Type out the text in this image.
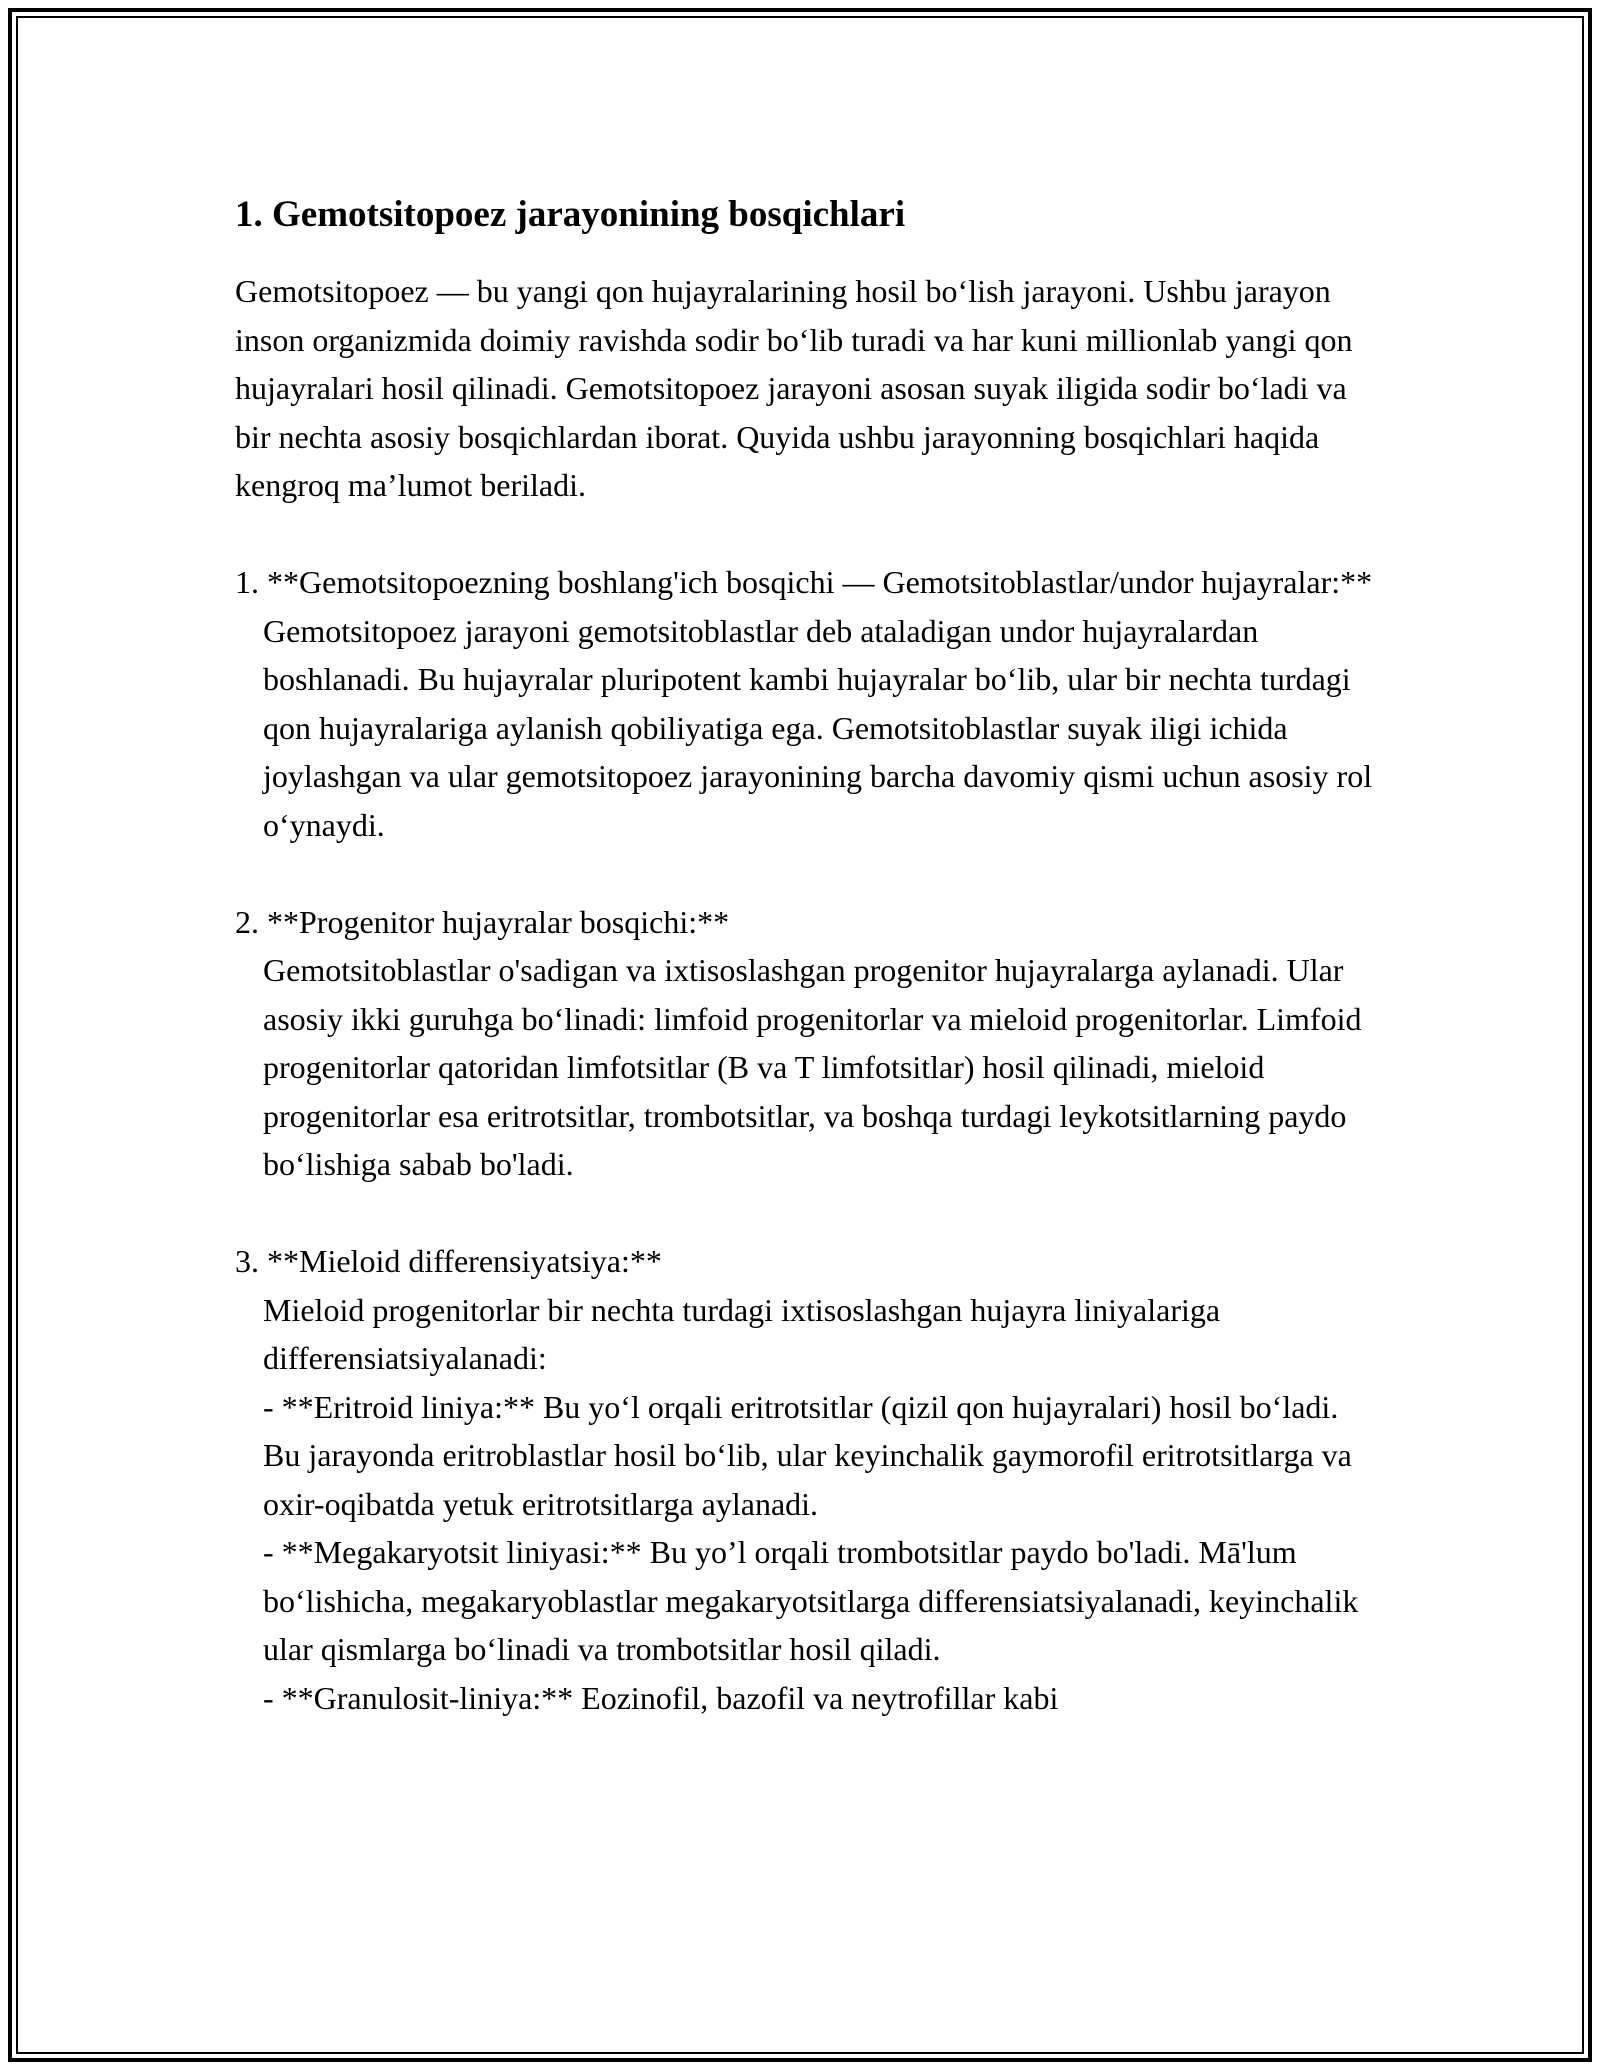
1. Gemotsitopoez jarayonining bosqichlari

Gemotsitopoez — bu yangi qon hujayralarining hosil boʻlish jarayoni. Ushbu jarayon inson organizmida doimiy ravishda sodir boʻlib turadi va har kuni millionlab yangi qon hujayralari hosil qilinadi. Gemotsitopoez jarayoni asosan suyak iligida sodir boʻladi va bir nechta asosiy bosqichlardan iborat. Quyida ushbu jarayonning bosqichlari haqida kengroq maʼlumot beriladi.

1. **Gemotsitopoezning boshlang'ich bosqichi — Gemotsitoblastlar/undor hujayralar:**

Gemotsitopoez jarayoni gemotsitoblastlar deb ataladigan undor hujayralardan boshlanadi. Bu hujayralar pluripotent kambi hujayralar boʻlib, ular bir nechta turdagi qon hujayralariga aylanish qobiliyatiga ega. Gemotsitoblastlar suyak iligi ichida joylashgan va ular gemotsitopoez jarayonining barcha davomiy qismi uchun asosiy rol oʻynaydi.

2. **Progenitor hujayralar bosqichi:**

Gemotsitoblastlar o'sadigan va ixtisoslashgan progenitor hujayralarga aylanadi. Ular asosiy ikki guruhga boʻlinadi: limfoid progenitorlar va mieloid progenitorlar. Limfoid progenitorlar qatoridan limfotsitlar (B va T limfotsitlar) hosil qilinadi, mieloid progenitorlar esa eritrotsitlar, trombotsitlar, va boshqa turdagi leykotsitlarning paydo boʻlishiga sabab bo'ladi.

3. **Mieloid differensiyatsiya:**

Mieloid progenitorlar bir nechta turdagi ixtisoslashgan hujayra liniyalariga differensiatsiyalanadi:

- **Eritroid liniya:** Bu yoʻl orqali eritrotsitlar (qizil qon hujayralari) hosil boʻladi. Bu jarayonda eritroblastlar hosil boʻlib, ular keyinchalik gaymorofil eritrotsitlarga va oxir-oqibatda yetuk eritrotsitlarga aylanadi.

- **Megakaryotsit liniyasi:** Bu yo’l orqali trombotsitlar paydo bo'ladi. Mā'lum boʻlishicha, megakaryoblastlar megakaryotsitlarga differensiatsiyalanadi, keyinchalik ular qismlarga boʻlinadi va trombotsitlar hosil qiladi.

- **Granulosit-liniya:** Eozinofil, bazofil va neytrofillar kabi
